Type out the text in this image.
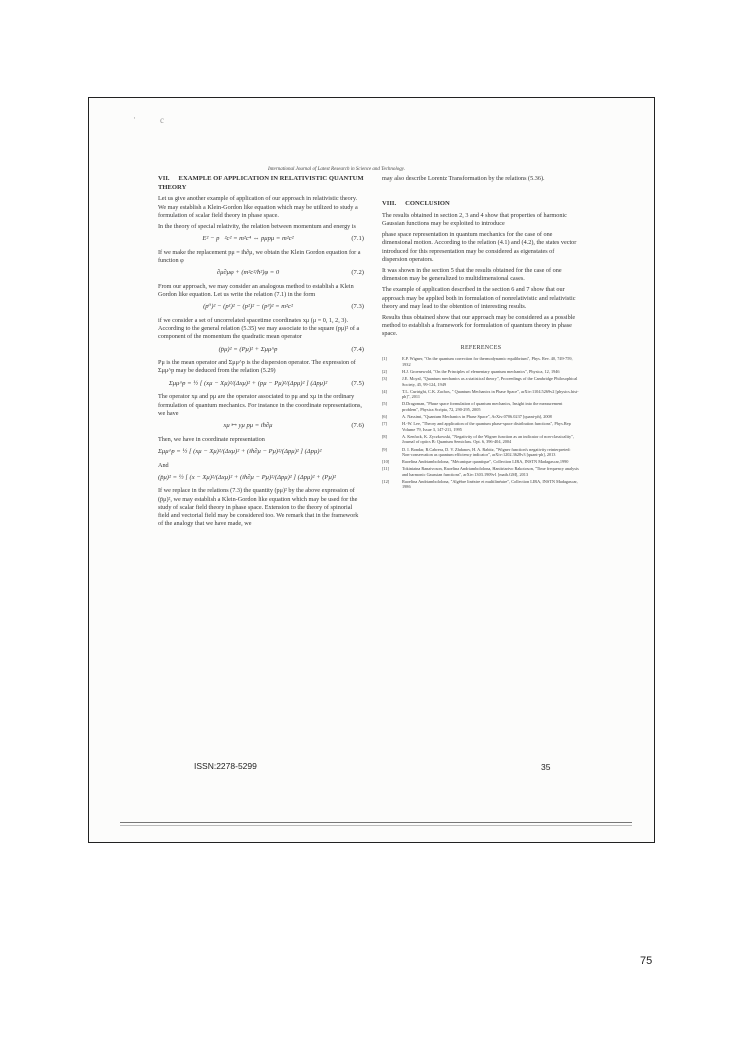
·	c
International Journal of Latest Research in Science and Technology.
VII. EXAMPLE OF APPLICATION IN RELATIVISTIC QUANTUM THEORY

Let us give another example of application of our approach in relativistic theory. We may establish a Klein-Gordon like equation which may be utilized to study a formulation of scalar field theory in phase space.

In the theory of special relativity, the relation between momentum and energy is

E² − p⃗²c² = m²c⁴ ⇔ pμpμ = m²c²	(7.1)

If we make the replacement pμ = iħ∂μ, we obtain the Klein Gordon equation for a function φ

∂μ∂μφ + (m²c²/ħ²)φ = 0	(7.2)

From our approach, we may consider an analogous method to establish a Klein Gordon like equation. Let us write the relation (7.1) in the form

(p⁰)² − (p¹)² − (p²)² − (p³)² = m²c²	(7.3)

if we consider a set of uncorrelated spacetime coordinates xμ (μ = 0, 1, 2, 3). According to the general relation (5.35) we may associate to the square (pμ)² of a component of the momentum the quadratic mean operator

(p̄μ)² = (Pμ)² + Σμμ^p	(7.4)

Pμ is the mean operator and Σμμ^p is the dispersion operator. The expression of Σμμ^p may be deduced from the relation (5.29)

Σμμ^p = ½ [ (xμ − Xμ)²/(Δxμ)² + (pμ − Pμ)²/(Δpμ)² ] (Δpμ)²	(7.5)

The operator xμ and pμ are the operator associated to pμ and xμ in the ordinary formulation of quantum mechanics. For instance in the coordinate representations, we have

xμ ↦ yμ pμ = iħ∂μ	(7.6)

Then, we have in coordinate representation

Σμμ^p = ½ [ (xμ − Xμ)²/(Δxμ)² + (iħ∂μ − Pμ)²/(Δpμ)² ] (Δpμ)²

And

(p̄μ)² = ½ [ (x − Xμ)²/(Δxμ)² + (iħ∂μ − Pμ)²/(Δpμ)² ] (Δpμ)² + (Pμ)²

If we replace in the relations (7.3) the quantity (pμ)² by the above expression of (p̄μ)², we may establish a Klein-Gordon like equation which may be used for the study of scalar field theory in phase space. Extension to the theory of spinorial field and vectorial field may be considered too. We remark that in the framework of the analogy that we have made, we

may also describe Lorentz Transformation by the relations (5.36).

VIII. CONCLUSION

The results obtained in section 2, 3 and 4 show that properties of harmonic Gaussian functions may be exploited to introduce

phase space representation in quantum mechanics for the case of one dimensional motion. According to the relation (4.1) and (4.2), the states vector introduced for this representation may be considered as eigenstates of dispersion operators.

It was shown in the section 5 that the results obtained for the case of one dimension may be generalized to multidimensional cases.

The example of application described in the section 6 and 7 show that our approach may be applied both in formulation of nonrelativistic and relativistic theory and may lead to the obtention of interesting results.

Results thus obtained show that our approach may be considered as a possible method to establish a framework for formulation of quantum theory in phase space.

REFERENCES
[1]	E.P. Wigner, "On the quantum correction for thermodynamic equilibrium", Phys. Rev. 40, 749-759, 1932
[2]	H.J. Groenewold, "On the Principles of elementary quantum mechanics", Physica, 12, 1946
[3]	J.E. Moyal, "Quantum mechanics as a statistical theory", Proceedings of the Cambridge Philosophical Society, 45, 99-124, 1949
[4]	T.L. Curtright, C.K. Zachos, " Quantum Mechanics in Phase Space", arXiv:1104.5269v2 [physics.hist-ph]", 2011
[5]	D.Dragoman, "Phase space formulation of quantum mechanics, Insight into the measurement problem", Physica Scripta, 72, 290-295, 2005
[6]	A. Nassimi, "Quantum Mechanics in Phase Space", ArXiv:0706.0237 [quant-ph], 2008
[7]	H.-W. Lee, "Theory and application of the quantum phase-space distribution functions", Phys.Rep Volume 79, Issue 3, 147-211, 1995
[8]	A. Kenfack, K. Zyczkowski, "Negativity of the Wigner function as an indicator of non-classicality", Journal of optics B: Quantum Semiclass. Opt. 6, 396-404, 2004
[9]	D. I. Bondar, R.Cabrera, D. V. Zhdanov, H. A. Rabitz, "Wigner function's negativity reinterpreted: Non-conservation as quantum efficiency indicator", arXiv:1202.3628v3 [quant-ph], 2013
[10]	Raoelina Andriambololona, "Mécanique quantique", Collection LIRA, INSTN Madagascar,1990
[11]	Tokiniaina Ranaivoson, Raoelina Andriambololona, Hanitriarivo Rakotoson, "Time frequency analysis and harmonic Gaussian functions", arXiv:1303.1909v1 [math.GM], 2013
[12]	Raoelina Andriambololona, "Algèbre linéaire et multilinéaire", Collection LIRA, INSTN Madagascar, 1986
ISSN:2278-5299	35
75
